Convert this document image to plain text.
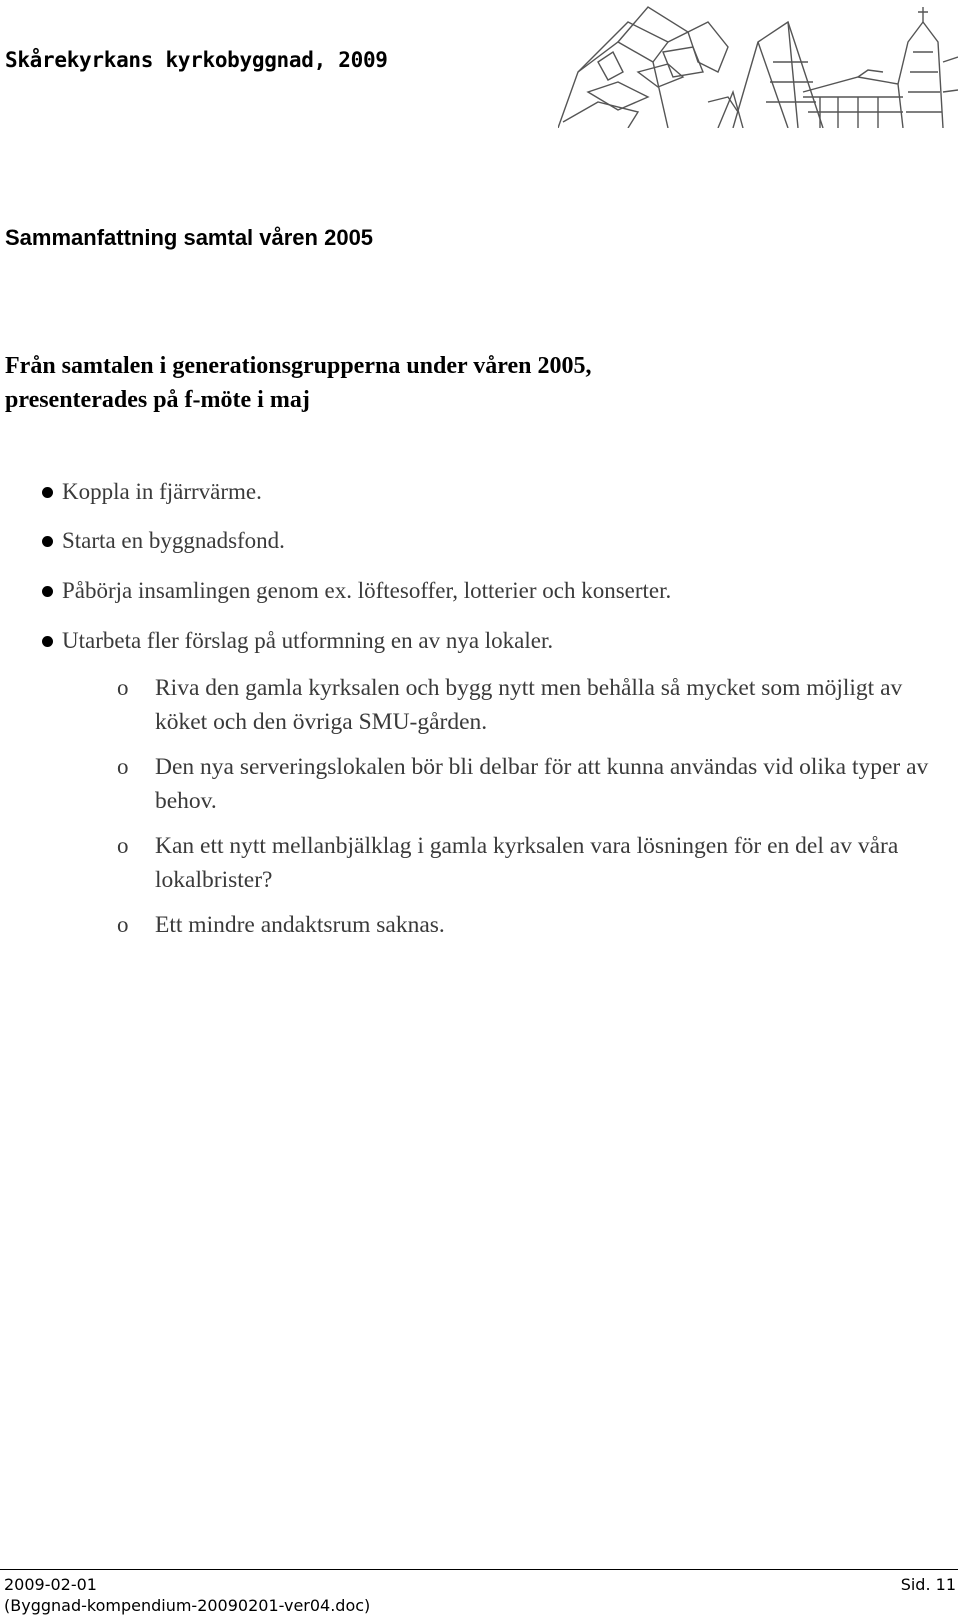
Skårekyrkans kyrkobyggnad, 2009
Sammanfattning samtal våren 2005
Från samtalen i generationsgrupperna under våren 2005,
presenterades på f-möte i maj
Koppla in fjärrvärme.
Starta en byggnadsfond.
Påbörja insamlingen genom ex. löftesoffer, lotterier och konserter.
Utarbeta fler förslag på utformning en av nya lokaler.
o Riva den gamla kyrksalen och bygg nytt men behålla så mycket som möjligt av köket och den övriga SMU-gården.
o Den nya serveringslokalen bör bli delbar för att kunna användas vid olika typer av behov.
o Kan ett nytt mellanbjälklag i gamla kyrksalen vara lösningen för en del av våra lokalbrister?
o Ett mindre andaktsrum saknas.

2009-02-01

(Byggnad-kompendium-20090201-ver04.doc)

Sid. 11
